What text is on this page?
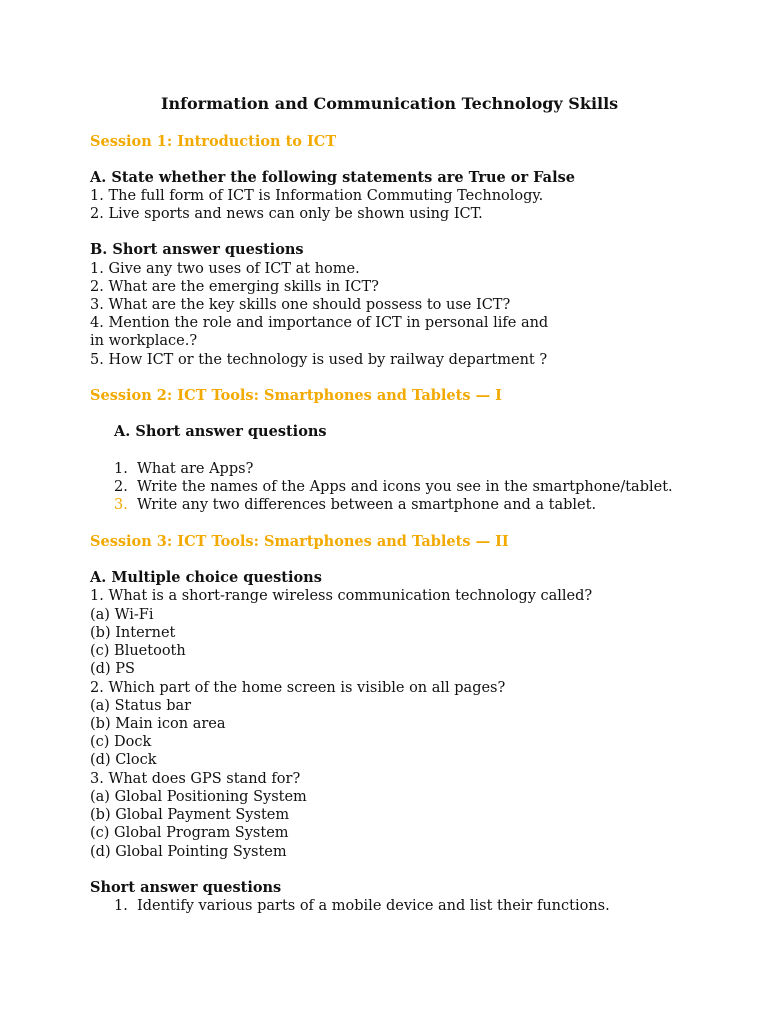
Information and Communication Technology Skills
Session 1: Introduction to ICT
A. State whether the following statements are True or False
1. The full form of ICT is Information Commuting Technology.
2. Live sports and news can only be shown using ICT.
B. Short answer questions
1. Give any two uses of ICT at home.
2. What are the emerging skills in ICT?
3. What are the key skills one should possess to use ICT?
4. Mention the role and importance of ICT in personal life and
in workplace.?
5. How ICT or the technology is used by railway department ?
Session 2: ICT Tools: Smartphones and Tablets — I
A. Short answer questions
1. What are Apps?
2. Write the names of the Apps and icons you see in the smartphone/tablet.
3. Write any two differences between a smartphone and a tablet.
Session 3: ICT Tools: Smartphones and Tablets — II
A. Multiple choice questions
1. What is a short-range wireless communication technology called?
(a) Wi-Fi
(b) Internet
(c) Bluetooth
(d) PS
2. Which part of the home screen is visible on all pages?
(a) Status bar
(b) Main icon area
(c) Dock
(d) Clock
3. What does GPS stand for?
(a) Global Positioning System
(b) Global Payment System
(c) Global Program System
(d) Global Pointing System
Short answer questions
1. Identify various parts of a mobile device and list their functions.
